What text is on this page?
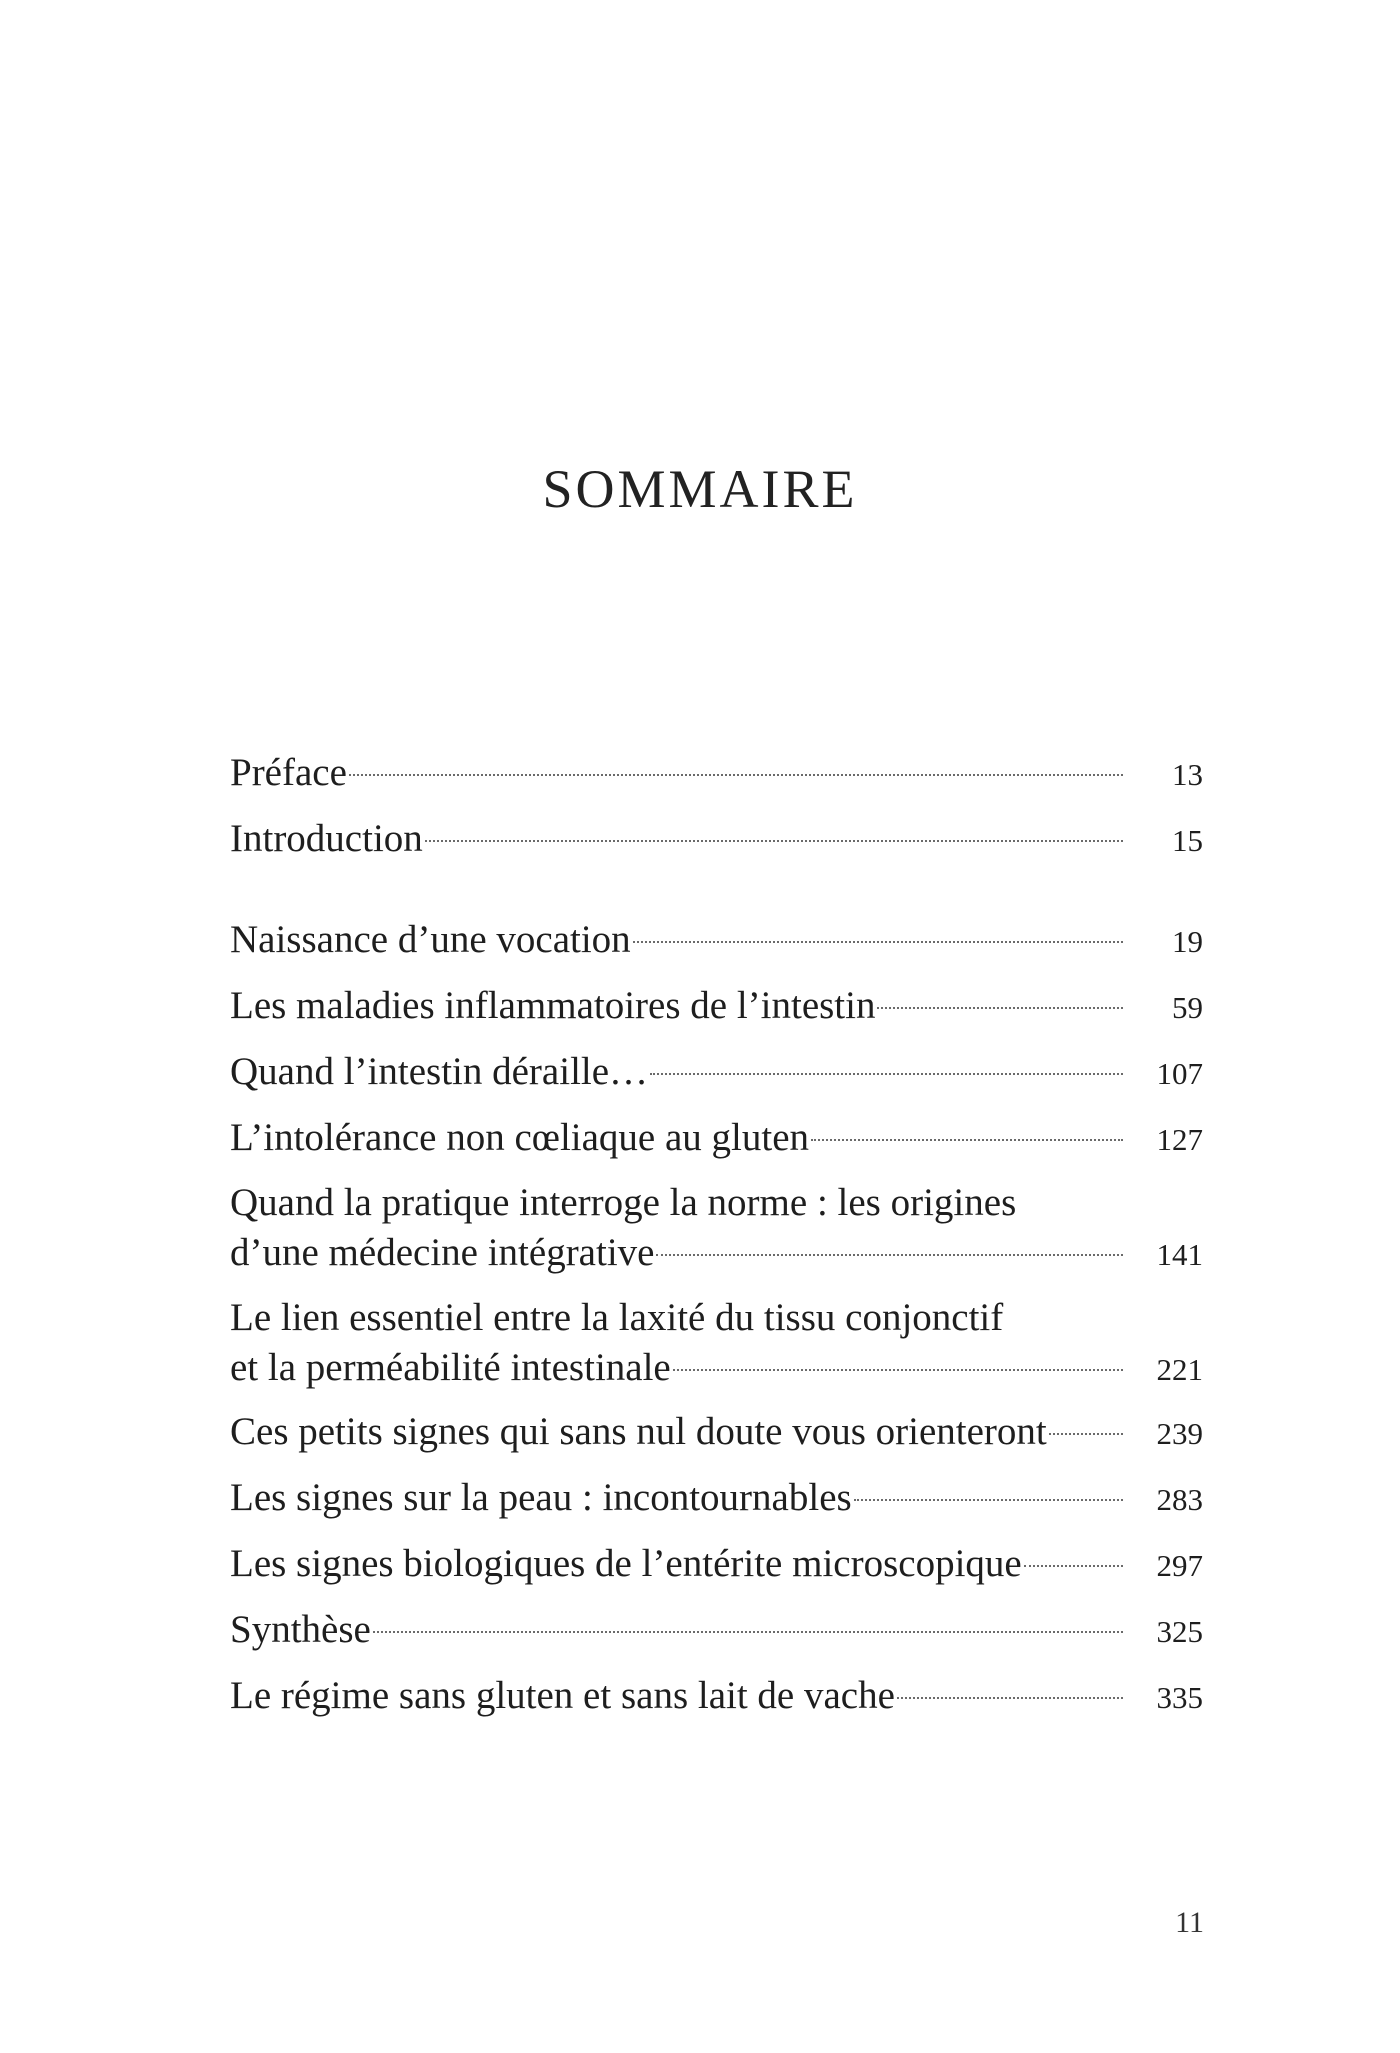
SOMMAIRE
Préface	13
Introduction	15
Naissance d’une vocation	19
Les maladies inflammatoires de l’intestin	59
Quand l’intestin déraille…	107
L’intolérance non cœliaque au gluten	127
Quand la pratique interroge la norme : les origines
d’une médecine intégrative	141
Le lien essentiel entre la laxité du tissu conjonctif
et la perméabilité intestinale	221
Ces petits signes qui sans nul doute vous orienteront	239
Les signes sur la peau : incontournables	283
Les signes biologiques de l’entérite microscopique	297
Synthèse	325
Le régime sans gluten et sans lait de vache	335
11
